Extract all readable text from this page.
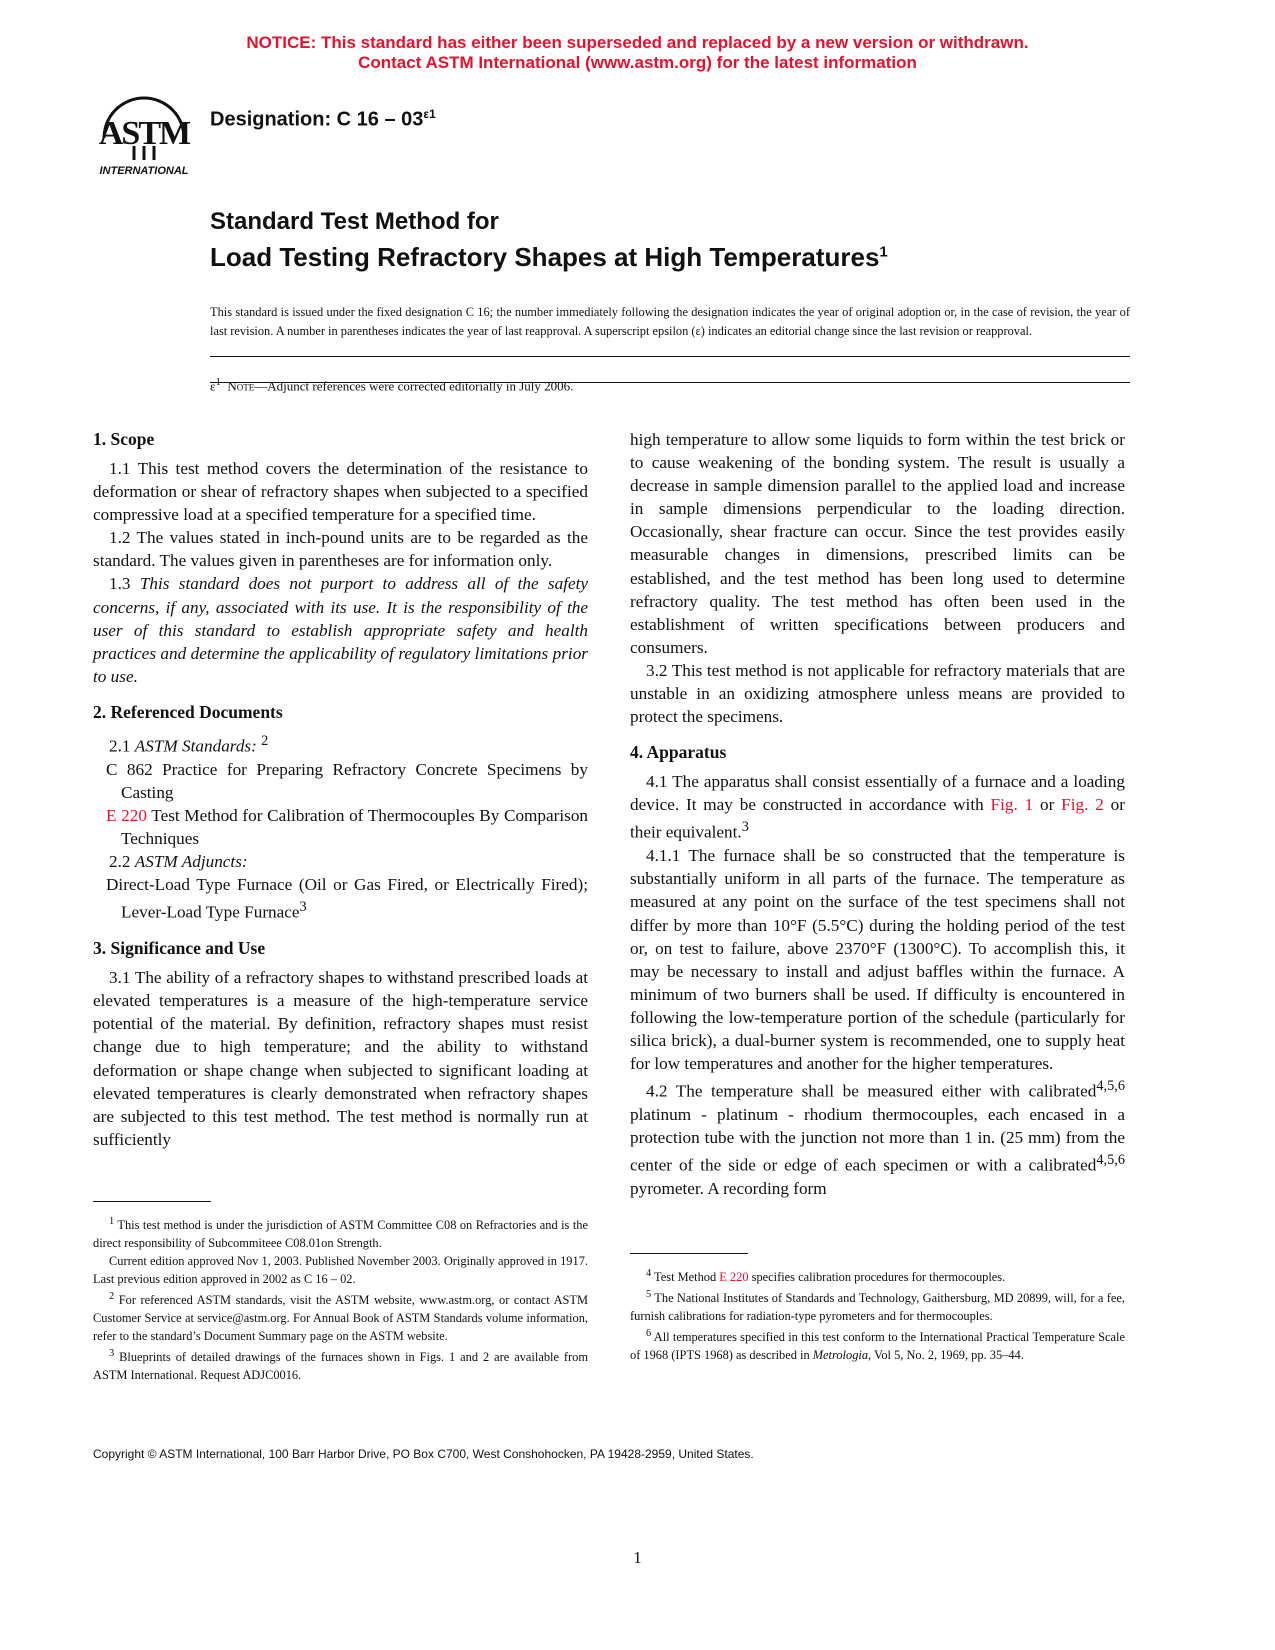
NOTICE: This standard has either been superseded and replaced by a new version or withdrawn.
Contact ASTM International (www.astm.org) for the latest information
ASTM
INTERNATIONAL
Designation: C $16 - 03^{\varepsilon 1}$
Standard Test Method for
Load Testing Refractory Shapes at High Temperatures$^1$
This standard is issued under the fixed designation C 16; the number immediately following the designation indicates the year of original adoption or, in the case of revision, the year of last revision. A number in parentheses indicates the year of last reapproval. A superscript epsilon (ε) indicates an editorial change since the last revision or reapproval.
$\varepsilon^1$ Note—Adjunct references were corrected editorially in July 2006.
1. Scope

1.1 This test method covers the determination of the resistance to deformation or shear of refractory shapes when subjected to a specified compressive load at a specified temperature for a specified time.

1.2 The values stated in inch-pound units are to be regarded as the standard. The values given in parentheses are for information only.

1.3 This standard does not purport to address all of the safety concerns, if any, associated with its use. It is the responsibility of the user of this standard to establish appropriate safety and health practices and determine the applicability of regulatory limitations prior to use.

2. Referenced Documents

2.1 ASTM Standards: $^2$

C 862 Practice for Preparing Refractory Concrete Specimens by Casting
E 220 Test Method for Calibration of Thermocouples By Comparison Techniques

2.2 ASTM Adjuncts:

Direct-Load Type Furnace (Oil or Gas Fired, or Electrically Fired); Lever-Load Type Furnace$^3$
3. Significance and Use

3.1 The ability of a refractory shapes to withstand prescribed loads at elevated temperatures is a measure of the high-temperature service potential of the material. By definition, refractory shapes must resist change due to high temperature; and the ability to withstand deformation or shape change when subjected to significant loading at elevated temperatures is clearly demonstrated when refractory shapes are subjected to this test method. The test method is normally run at sufficiently

high temperature to allow some liquids to form within the test brick or to cause weakening of the bonding system. The result is usually a decrease in sample dimension parallel to the applied load and increase in sample dimensions perpendicular to the loading direction. Occasionally, shear fracture can occur. Since the test provides easily measurable changes in dimensions, prescribed limits can be established, and the test method has been long used to determine refractory quality. The test method has often been used in the establishment of written specifications between producers and consumers.

3.2 This test method is not applicable for refractory materials that are unstable in an oxidizing atmosphere unless means are provided to protect the specimens.

4. Apparatus

4.1 The apparatus shall consist essentially of a furnace and a loading device. It may be constructed in accordance with Fig. 1 or Fig. 2 or their equivalent.$^3$

4.1.1 The furnace shall be so constructed that the temperature is substantially uniform in all parts of the furnace. The temperature as measured at any point on the surface of the test specimens shall not differ by more than 10°F (5.5°C) during the holding period of the test or, on test to failure, above 2370°F (1300°C). To accomplish this, it may be necessary to install and adjust baffles within the furnace. A minimum of two burners shall be used. If difficulty is encountered in following the low-temperature portion of the schedule (particularly for silica brick), a dual-burner system is recommended, one to supply heat for low temperatures and another for the higher temperatures.

4.2 The temperature shall be measured either with calibrated$^{4,5,6}$ platinum - platinum - rhodium thermocouples, each encased in a protection tube with the junction not more than 1 in. (25 mm) from the center of the side or edge of each specimen or with a calibrated$^{4,5,6}$ pyrometer. A recording form

$^1$ This test method is under the jurisdiction of ASTM Committee C08 on Refractories and is the direct responsibility of Subcommiteee C08.01on Strength.

Current edition approved Nov 1, 2003. Published November 2003. Originally approved in 1917. Last previous edition approved in 2002 as C 16 – 02.

$^2$ For referenced ASTM standards, visit the ASTM website, www.astm.org, or contact ASTM Customer Service at service@astm.org. For Annual Book of ASTM Standards volume information, refer to the standard’s Document Summary page on the ASTM website.

$^3$ Blueprints of detailed drawings of the furnaces shown in Figs. 1 and 2 are available from ASTM International. Request ADJC0016.

$^4$ Test Method E 220 specifies calibration procedures for thermocouples.

$^5$ The National Institutes of Standards and Technology, Gaithersburg, MD 20899, will, for a fee, furnish calibrations for radiation-type pyrometers and for thermocouples.

$^6$ All temperatures specified in this test conform to the International Practical Temperature Scale of 1968 (IPTS 1968) as described in Metrologia, Vol 5, No. 2, 1969, pp. 35–44.

Copyright © ASTM International, 100 Barr Harbor Drive, PO Box C700, West Conshohocken, PA 19428-2959, United States.
1
